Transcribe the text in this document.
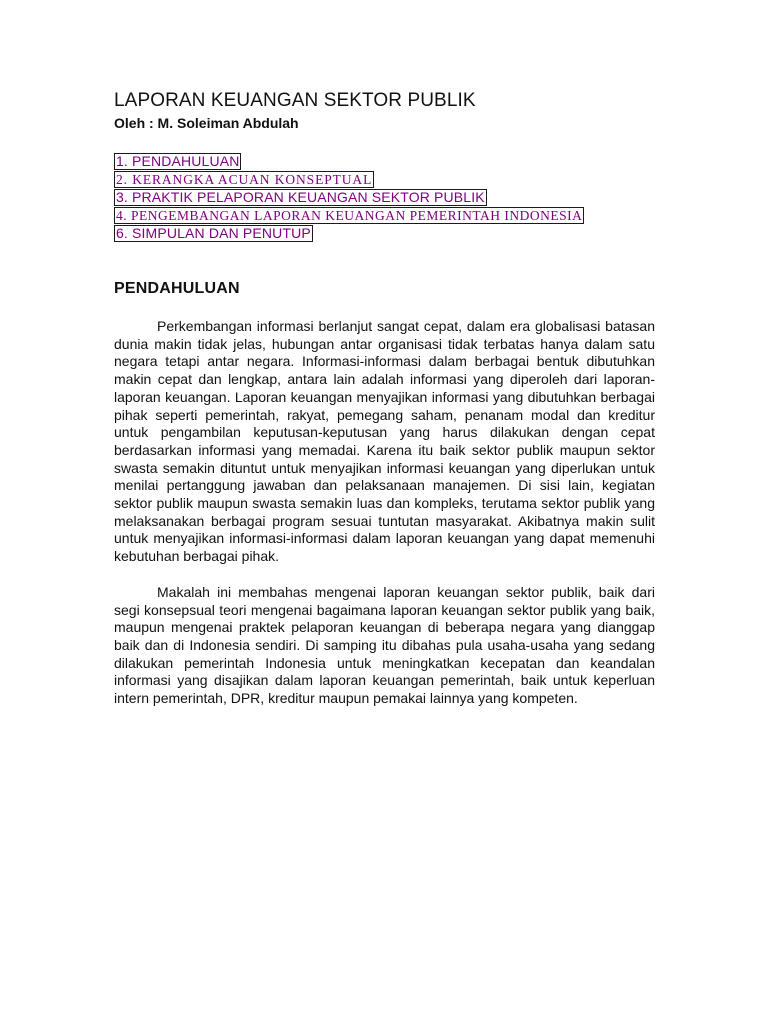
LAPORAN KEUANGAN SEKTOR PUBLIK

Oleh : M. Soleiman Abdulah

1. PENDAHULUAN
2. KERANGKA ACUAN KONSEPTUAL
3. PRAKTIK PELAPORAN KEUANGAN SEKTOR PUBLIK
4. PENGEMBANGAN LAPORAN KEUANGAN PEMERINTAH INDONESIA
6. SIMPULAN DAN PENUTUP
PENDAHULUAN

Perkembangan informasi berlanjut sangat cepat, dalam era globalisasi batasan dunia makin tidak jelas, hubungan antar organisasi tidak terbatas hanya dalam satu negara tetapi antar negara. Informasi-informasi dalam berbagai bentuk dibutuhkan makin cepat dan lengkap, antara lain adalah informasi yang diperoleh dari laporan-laporan keuangan. Laporan keuangan menyajikan informasi yang dibutuhkan berbagai pihak seperti pemerintah, rakyat, pemegang saham, penanam modal dan kreditur untuk pengambilan keputusan-keputusan yang harus dilakukan dengan cepat berdasarkan informasi yang memadai. Karena itu baik sektor publik maupun sektor swasta semakin dituntut untuk menyajikan informasi keuangan yang diperlukan untuk menilai pertanggung jawaban dan pelaksanaan manajemen. Di sisi lain, kegiatan sektor publik maupun swasta semakin luas dan kompleks, terutama sektor publik yang melaksanakan berbagai program sesuai tuntutan masyarakat. Akibatnya makin sulit untuk menyajikan informasi-informasi dalam laporan keuangan yang dapat memenuhi kebutuhan berbagai pihak.

Makalah ini membahas mengenai laporan keuangan sektor publik, baik dari segi konsepsual teori mengenai bagaimana laporan keuangan sektor publik yang baik, maupun mengenai praktek pelaporan keuangan di beberapa negara yang dianggap baik dan di Indonesia sendiri. Di samping itu dibahas pula usaha-usaha yang sedang dilakukan pemerintah Indonesia untuk meningkatkan kecepatan dan keandalan informasi yang disajikan dalam laporan keuangan pemerintah, baik untuk keperluan intern pemerintah, DPR, kreditur maupun pemakai lainnya yang kompeten.
